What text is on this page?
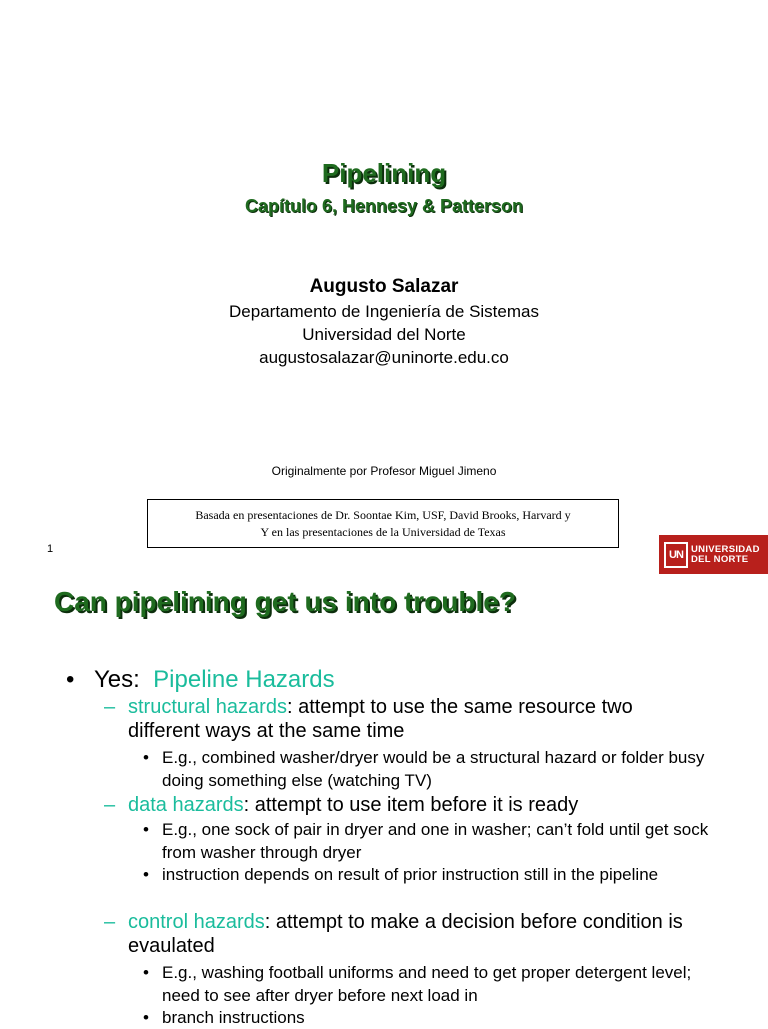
Pipelining
Capítulo 6, Hennesy & Patterson
Augusto Salazar
Departamento de Ingeniería de Sistemas
Universidad del Norte
augustosalazar@uninorte.edu.co
Originalmente por Profesor Miguel Jimeno
Basada en presentaciones de Dr. Soontae Kim, USF, David Brooks, Harvard y
Y en las presentaciones de la Universidad de Texas
1	UN UNIVERSIDAD
DEL NORTE
Can pipelining get us into trouble?
• Yes:
Pipeline Hazards
– structural hazards: attempt to use the same resource two different ways at the same time
• E.g., combined washer/dryer would be a structural hazard or folder busy doing something else (watching TV)
– data hazards: attempt to use item before it is ready
• E.g., one sock of pair in dryer and one in washer; can’t fold until get sock from washer through dryer
• instruction depends on result of prior instruction still in the pipeline
– control hazards: attempt to make a decision before condition is evaulated
• E.g., washing football uniforms and need to get proper detergent level; need to see after dryer before next load in
• branch instructions
